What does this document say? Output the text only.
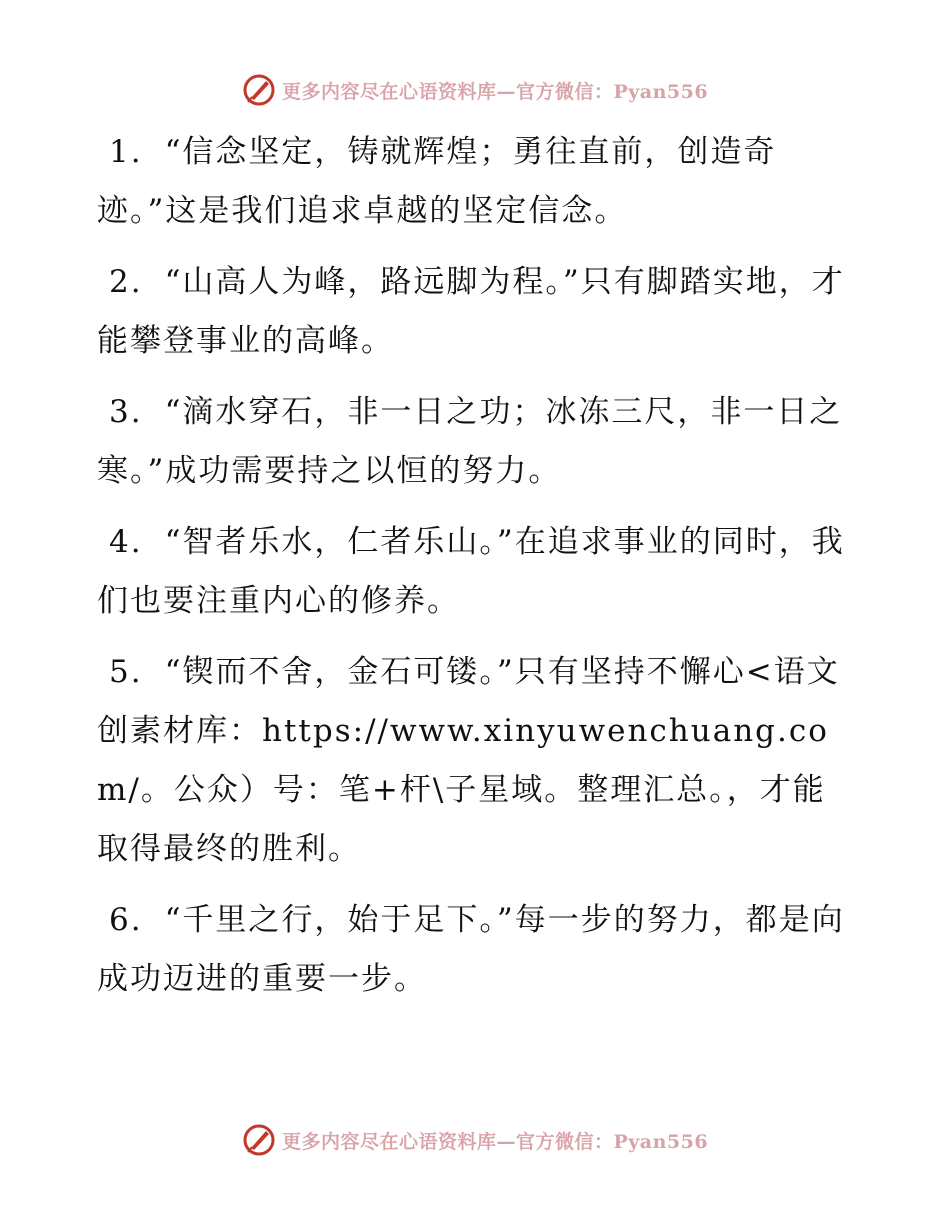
更多内容尽在心语资料库—官方微信：Pyan556

1. “信念坚定，铸就辉煌；勇往直前，创造奇迹。”这是我们追求卓越的坚定信念。

2. “山高人为峰，路远脚为程。”只有脚踏实地，才能攀登事业的高峰。

3. “滴水穿石，非一日之功；冰冻三尺，非一日之寒。”成功需要持之以恒的努力。

4. “智者乐水，仁者乐山。”在追求事业的同时，我们也要注重内心的修养。

5. “锲而不舍，金石可镂。”只有坚持不懈心<语文创素材库：https://www.xinyuwenchuang.com/。公众）号：笔+杆\子星域。整理汇总。，才能取得最终的胜利。

6. “千里之行，始于足下。”每一步的努力，都是向成功迈进的重要一步。

更多内容尽在心语资料库—官方微信：Pyan556
